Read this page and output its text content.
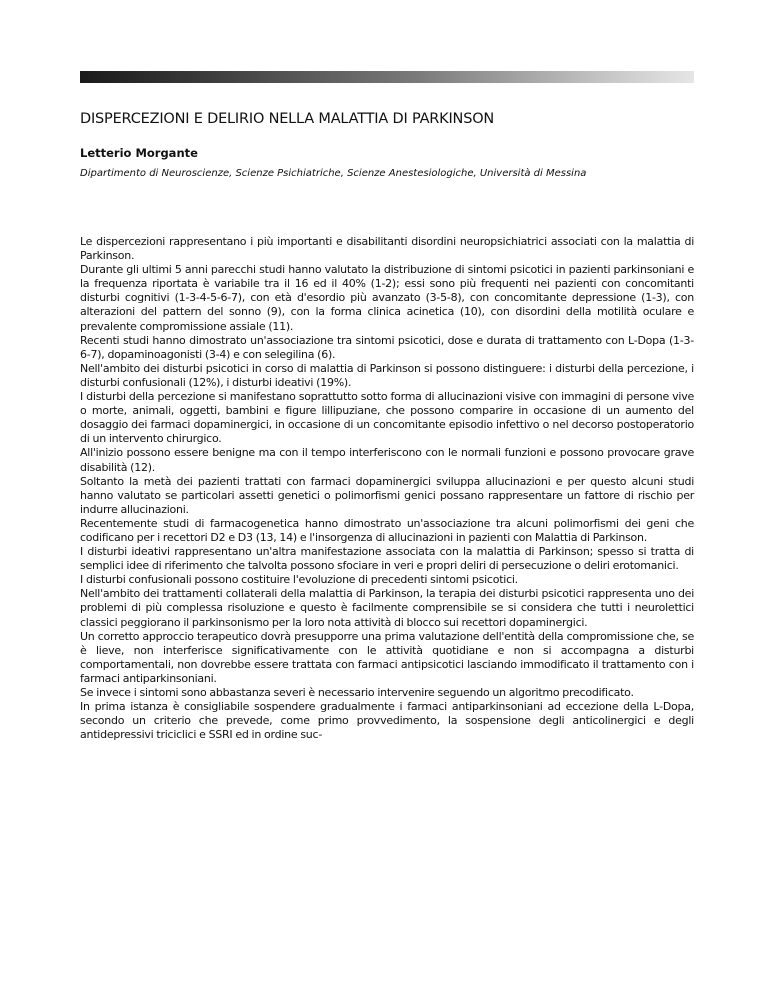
DISPERCEZIONI E DELIRIO NELLA MALATTIA DI PARKINSON
Letterio Morgante
Dipartimento di Neuroscienze, Scienze Psichiatriche, Scienze Anestesiologiche, Università di Messina

Le dispercezioni rappresentano i più importanti e disabilitanti disordini neuropsichiatrici associati con la malattia di Parkinson.

Durante gli ultimi 5 anni parecchi studi hanno valutato la distribuzione di sintomi psicotici in pazienti parkinsoniani e la frequenza riportata è variabile tra il 16 ed il 40% (1-2); essi sono più frequenti nei pazienti con concomitanti disturbi cognitivi (1-3-4-5-6-7), con età d'esordio più avanzato (3-5-8), con concomitante depressione (1-3), con alterazioni del pattern del sonno (9), con la forma clinica acinetica (10), con disordini della motilità oculare e prevalente compromissione assiale (11).

Recenti studi hanno dimostrato un'associazione tra sintomi psicotici, dose e durata di trattamento con L-Dopa (1-3-6-7), dopaminoagonisti (3-4) e con selegilina (6).

Nell'ambito dei disturbi psicotici in corso di malattia di Parkinson si possono distinguere: i disturbi della percezione, i disturbi confusionali (12%), i disturbi ideativi (19%).

I disturbi della percezione si manifestano soprattutto sotto forma di allucinazioni visive con immagini di persone vive o morte, animali, oggetti, bambini e figure lillipuziane, che possono comparire in occasione di un aumento del dosaggio dei farmaci dopaminergici, in occasione di un concomitante episodio infettivo o nel decorso postoperatorio di un intervento chirurgico.

All'inizio possono essere benigne ma con il tempo interferiscono con le normali funzioni e possono provocare grave disabilità (12).

Soltanto la metà dei pazienti trattati con farmaci dopaminergici sviluppa allucinazioni e per questo alcuni studi hanno valutato se particolari assetti genetici o polimorfismi genici possano rappresentare un fattore di rischio per indurre allucinazioni.

Recentemente studi di farmacogenetica hanno dimostrato un'associazione tra alcuni polimorfismi dei geni che codificano per i recettori D2 e D3 (13, 14) e l'insorgenza di allucinazioni in pazienti con Malattia di Parkinson.

I disturbi ideativi rappresentano un'altra manifestazione associata con la malattia di Parkinson; spesso si tratta di semplici idee di riferimento che talvolta possono sfociare in veri e propri deliri di persecuzione o deliri erotomanici.

I disturbi confusionali possono costituire l'evoluzione di precedenti sintomi psicotici.

Nell'ambito dei trattamenti collaterali della malattia di Parkinson, la terapia dei disturbi psicotici rappresenta uno dei problemi di più complessa risoluzione e questo è facilmente comprensibile se si considera che tutti i neurolettici classici peggiorano il parkinsonismo per la loro nota attività di blocco sui recettori dopaminergici.

Un corretto approccio terapeutico dovrà presupporre una prima valutazione dell'entità della compromissione che, se è lieve, non interferisce significativamente con le attività quotidiane e non si accompagna a disturbi comportamentali, non dovrebbe essere trattata con farmaci antipsicotici lasciando immodificato il trattamento con i farmaci antiparkinsoniani.

Se invece i sintomi sono abbastanza severi è necessario intervenire seguendo un algoritmo precodificato.

In prima istanza è consigliabile sospendere gradualmente i farmaci antiparkinsoniani ad eccezione della L-Dopa, secondo un criterio che prevede, come primo provvedimento, la sospensione degli anticolinergici e degli antidepressivi triciclici e SSRI ed in ordine suc-
